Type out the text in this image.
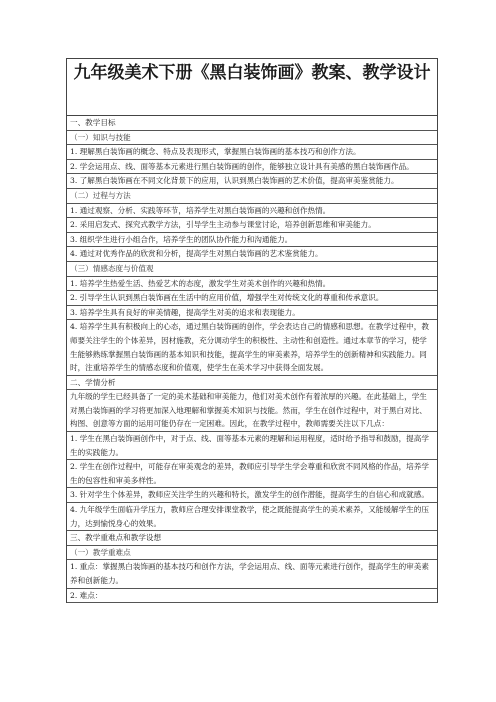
九年级美术下册《黑白装饰画》教案、教学设计
一、教学目标
（一）知识与技能
1. 理解黑白装饰画的概念、特点及表现形式，掌握黑白装饰画的基本技巧和创作方法。
2. 学会运用点、线、面等基本元素进行黑白装饰画的创作，能够独立设计具有美感的黑白装饰画作品。
3. 了解黑白装饰画在不同文化背景下的应用，认识到黑白装饰画的艺术价值，提高审美鉴赏能力。
（二）过程与方法
1. 通过观察、分析、实践等环节，培养学生对黑白装饰画的兴趣和创作热情。
2. 采用启发式、探究式教学方法，引导学生主动参与课堂讨论，培养创新思维和审美能力。
3. 组织学生进行小组合作，培养学生的团队协作能力和沟通能力。
4. 通过对优秀作品的欣赏和分析，提高学生对黑白装饰画的艺术鉴赏能力。
（三）情感态度与价值观
1. 培养学生热爱生活、热爱艺术的态度，激发学生对美术创作的兴趣和热情。
2. 引导学生认识到黑白装饰画在生活中的应用价值，增强学生对传统文化的尊重和传承意识。
3. 培养学生具有良好的审美情趣，提高学生对美的追求和表现能力。
4. 培养学生具有积极向上的心态，通过黑白装饰画的创作，学会表达自己的情感和思想。在教学过程中，教师要关注学生的个体差异，因材施教，充分调动学生的积极性、主动性和创造性。通过本章节的学习，使学生能够熟练掌握黑白装饰画的基本知识和技能，提高学生的审美素养，培养学生的创新精神和实践能力。同时，注重培养学生的情感态度和价值观，使学生在美术学习中获得全面发展。
二、学情分析
九年级的学生已经具备了一定的美术基础和审美能力，他们对美术创作有着浓厚的兴趣。在此基础上，学生对黑白装饰画的学习将更加深入地理解和掌握美术知识与技能。然而，学生在创作过程中，对于黑白对比、构图、创意等方面的运用可能仍存在一定困难。因此，在教学过程中，教师需要关注以下几点：
1. 学生在黑白装饰画创作中，对于点、线、面等基本元素的理解和运用程度，适时给予指导和鼓励，提高学生的实践能力。
2. 学生在创作过程中，可能存在审美观念的差异，教师应引导学生学会尊重和欣赏不同风格的作品，培养学生的包容性和审美多样性。
3. 针对学生个体差异，教师应关注学生的兴趣和特长，激发学生的创作潜能，提高学生的自信心和成就感。
4. 九年级学生面临升学压力，教师应合理安排课堂教学，使之既能提高学生的美术素养，又能缓解学生的压力，达到愉悦身心的效果。
三、教学重难点和教学设想
（一）教学重难点
1. 重点：掌握黑白装饰画的基本技巧和创作方法，学会运用点、线、面等元素进行创作，提高学生的审美素养和创新能力。
2. 难点：
